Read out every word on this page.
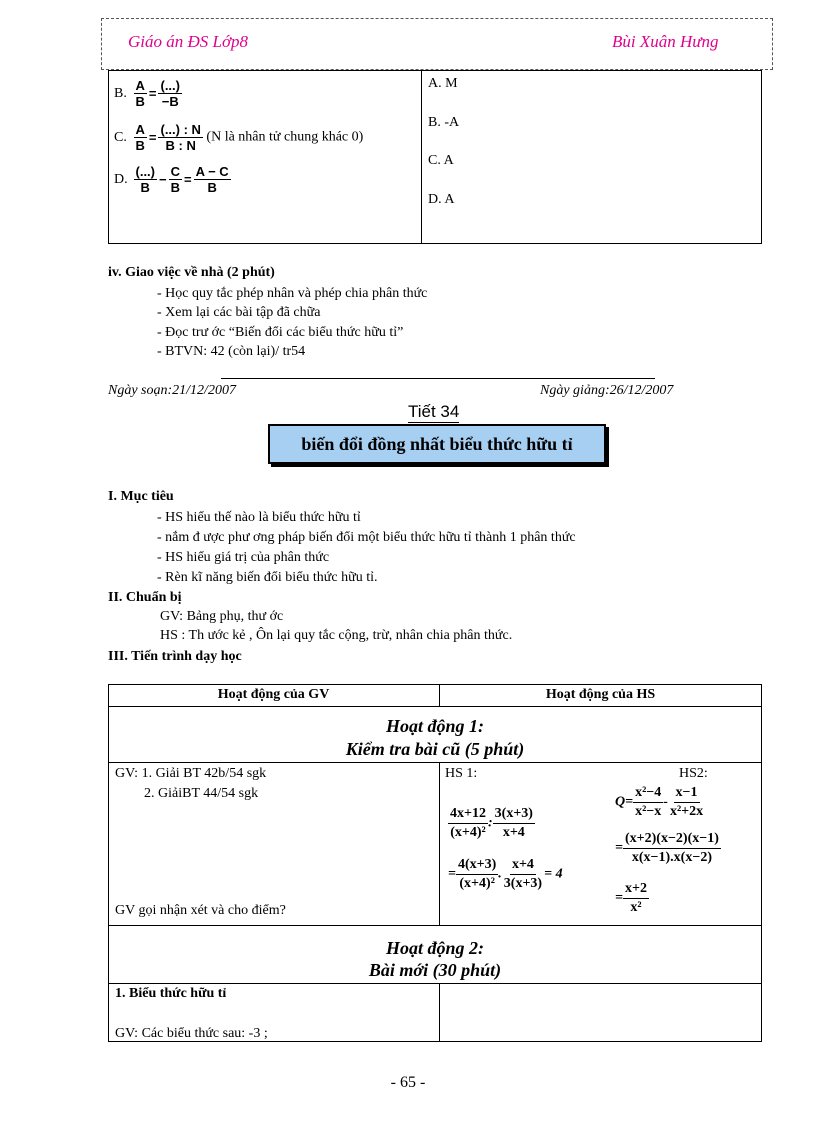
Giáo án ĐS Lớp8	Bùi Xuân Hưng
B. $\frac{A}{B} = \frac{(...)}{-B}$
C. $\frac{A}{B} = \frac{(...) : N}{B : N} (N$ là nhân tử chung khác 0)
D. $\frac{(...)}{B} - \frac{C}{B} = \frac{A - C}{B}$
A. M
B. -A
C. A
D. A
iv. Giao việc về nhà (2 phút)
- Học quy tắc phép nhân và phép chia phân thức
- Xem lại các bài tập đã chữa
- Đọc trư ớc “Biến đổi các biểu thức hữu tỉ”
- BTVN: 42 (còn lại)/ tr54
Ngày soạn:21/12/2007	Ngày giảng:26/12/2007
Tiết 34
biến đổi đồng nhất biểu thức hữu tỉ
I. Mục tiêu
- HS hiểu thế nào là biểu thức hữu tỉ
- nắm đ ược phư ơng pháp biến đổi một biểu thức hữu tỉ thành 1 phân thức
- HS hiểu giá trị của phân thức
- Rèn kĩ năng biến đổi biểu thức hữu tỉ.
II. Chuẩn bị
GV: Bảng phụ, thư ớc
HS : Th ước kẻ , Ôn lại quy tắc cộng, trừ, nhân chia phân thức.
III. Tiến trình dạy học
Hoạt động của GV	Hoạt động của HS
Hoạt động 1:
Kiểm tra bài cũ (5 phút)
GV: 1. Giải BT 42b/54 sgk
2. GiảiBT 44/54 sgk
GV gọi nhận xét và cho điểm?
HS 1:	HS2:
$\frac{4x+12}{\text{(x+4)²}}$ : $\frac{3(x+3)}{x+4}$
= $\frac{4(x+3)}{\text{(x+4)²}}$ . $\frac{x+4}{3(x+3)} = 4$
$Q= \frac{\text{x²−4}}{\text{x²−x}} - \frac{x-1}{\text{x²+2x}}$
= $\frac{(x+2)(x-2)(x-1)}{x(x-1).x(x-2)}$
= $\frac{x+2}{\text{x²}}$
Hoạt động 2:
Bài mới (30 phút)
1. Biểu thức hữu tỉ
GV: Các biểu thức sau: -3 ;
- 65 -
